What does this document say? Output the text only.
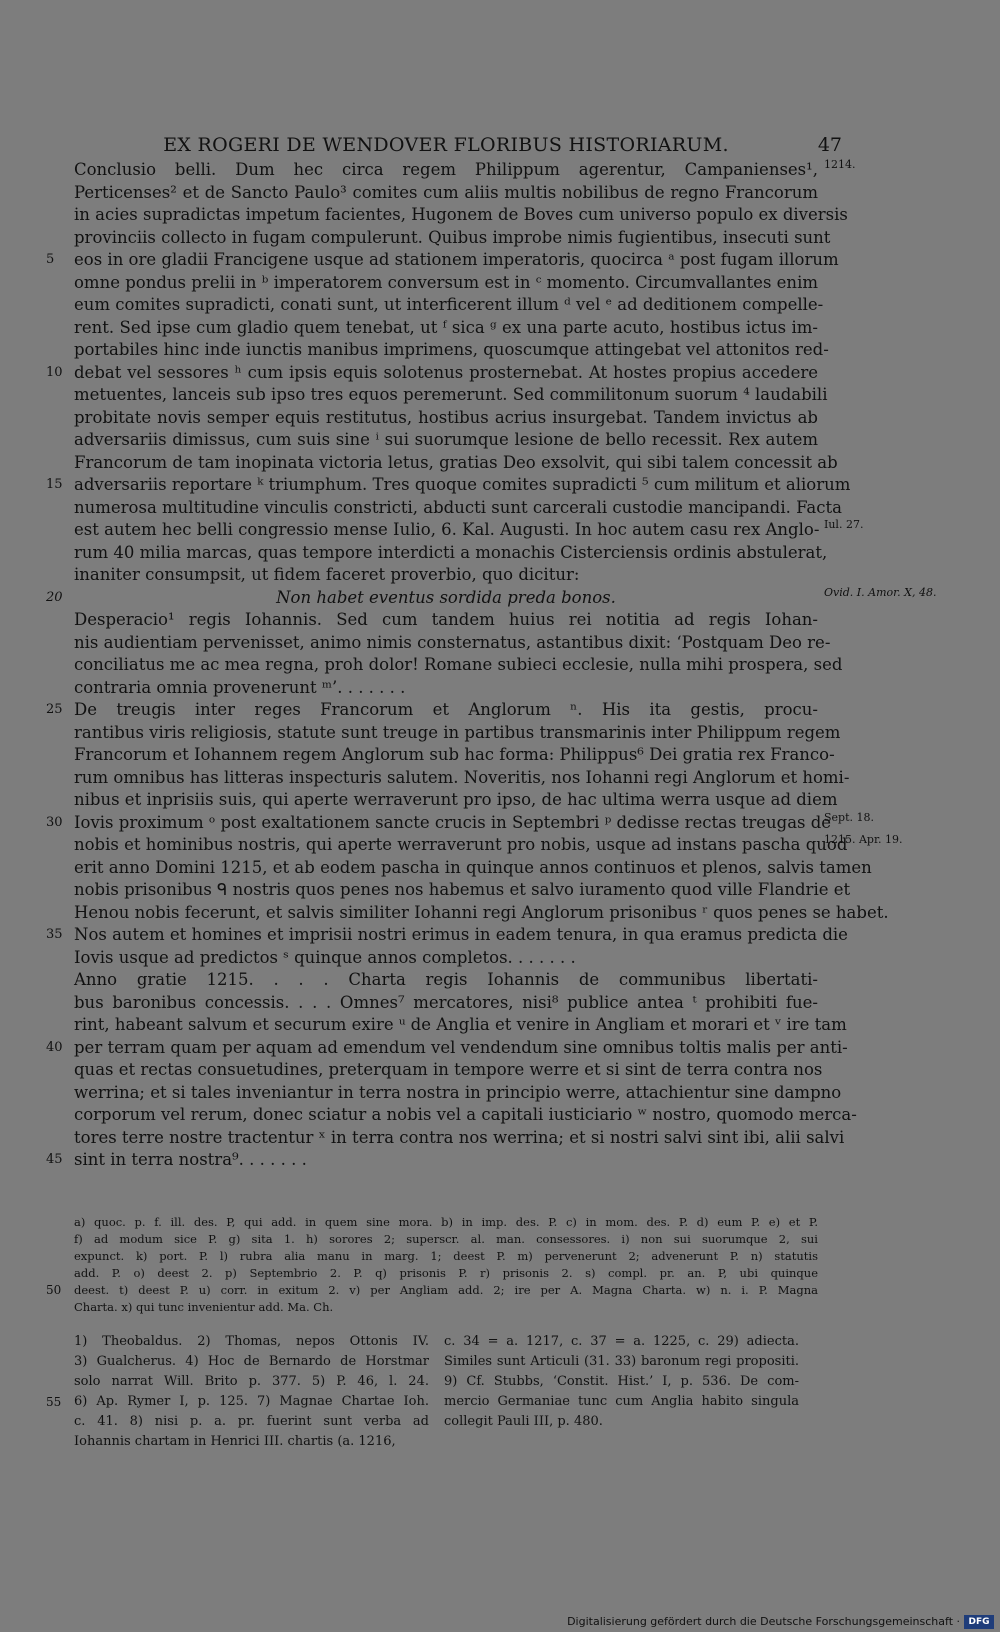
EX ROGERI DE WENDOVER FLORIBUS HISTORIARUM.	47
Conclusio belli. Dum hec circa regem Philippum agerentur, Campanienses¹, 1214.
Perticenses² et de Sancto Paulo³ comites cum aliis multis nobilibus de regno Francorum
in acies supradictas impetum facientes, Hugonem de Boves cum universo populo ex diversis
provinciis collecto in fugam compulerunt. Quibus improbe nimis fugientibus, insecuti sunt
eos in ore gladii Francigene usque ad stationem imperatoris, quocirca ᵃ post fugam illorum
5
omne pondus prelii in ᵇ imperatorem conversum est in ᶜ momento. Circumvallantes enim
eum comites supradicti, conati sunt, ut interficerent illum ᵈ vel ᵉ ad deditionem compelle-
rent. Sed ipse cum gladio quem tenebat, ut ᶠ sica ᵍ ex una parte acuto, hostibus ictus im-
portabiles hinc inde iunctis manibus imprimens, quoscumque attingebat vel attonitos red-
debat vel sessores ʰ cum ipsis equis solotenus prosternebat. At hostes propius accedere
10
metuentes, lanceis sub ipso tres equos peremerunt. Sed commilitonum suorum ⁴ laudabili
probitate novis semper equis restitutus, hostibus acrius insurgebat. Tandem invictus ab
adversariis dimissus, cum suis sine ⁱ sui suorumque lesione de bello recessit. Rex autem
Francorum de tam inopinata victoria letus, gratias Deo exsolvit, qui sibi talem concessit ab
adversariis reportare ᵏ triumphum. Tres quoque comites supradicti ⁵ cum militum et aliorum
15
numerosa multitudine vinculis constricti, abducti sunt carcerali custodie mancipandi. Facta
est autem hec belli congressio mense Iulio, 6. Kal. Augusti. In hoc autem casu rex Anglo- Iul. 27.
rum 40 milia marcas, quas tempore interdicti a monachis Cisterciensis ordinis abstulerat,
inaniter consumpsit, ut fidem faceret proverbio, quo dicitur:
Non habet eventus sordida preda bonos.
20	Ovid. I. Amor. X, 48.
Desperacio¹ regis Iohannis. Sed cum tandem huius rei notitia ad regis Iohan-
nis audientiam pervenisset, animo nimis consternatus, astantibus dixit: ‘Postquam Deo re-
conciliatus me ac mea regna, proh dolor! Romane subieci ecclesie, nulla mihi prospera, sed
contraria omnia provenerunt ᵐ’. . . . . . .
De treugis inter reges Francorum et Anglorum ⁿ. His ita gestis, procu-
25
rantibus viris religiosis, statute sunt treuge in partibus transmarinis inter Philippum regem
Francorum et Iohannem regem Anglorum sub hac forma: Philippus⁶ Dei gratia rex Franco-
rum omnibus has litteras inspecturis salutem. Noveritis, nos Iohanni regi Anglorum et homi-
nibus et inprisiis suis, qui aperte werraverunt pro ipso, de hac ultima werra usque ad diem
Iovis proximum ᵒ post exaltationem sancte crucis in Septembri ᵖ dedisse rectas treugas de
30	Sept. 18.
nobis et hominibus nostris, qui aperte werraverunt pro nobis, usque ad instans pascha quod
1215. Apr. 19.
erit anno Domini 1215, et ab eodem pascha in quinque annos continuos et plenos, salvis tamen
nobis prisonibus ᑫ nostris quos penes nos habemus et salvo iuramento quod ville Flandrie et
Henou nobis fecerunt, et salvis similiter Iohanni regi Anglorum prisonibus ʳ quos penes se habet.
Nos autem et homines et imprisii nostri erimus in eadem tenura, in qua eramus predicta die
35
Iovis usque ad predictos ˢ quinque annos completos. . . . . . .
Anno gratie 1215. . . . Charta regis Iohannis de communibus libertati-
bus baronibus concessis. . . . Omnes⁷ mercatores, nisi⁸ publice antea ᵗ prohibiti fue-
rint, habeant salvum et securum exire ᵘ de Anglia et venire in Angliam et morari et ᵛ ire tam
per terram quam per aquam ad emendum vel vendendum sine omnibus toltis malis per anti-
40
quas et rectas consuetudines, preterquam in tempore werre et si sint de terra contra nos
werrina; et si tales inveniantur in terra nostra in principio werre, attachientur sine dampno
corporum vel rerum, donec sciatur a nobis vel a capitali iusticiario ʷ nostro, quomodo merca-
tores terre nostre tractentur ˣ in terra contra nos werrina; et si nostri salvi sint ibi, alii salvi
sint in terra nostra⁹. . . . . . .
45
a) quoc. p. f. ill. des. P, qui add. in quem sine mora. b) in imp. des. P. c) in mom. des. P. d) eum P. e) et P.
f) ad modum sice P. g) sita 1. h) sorores 2; superscr. al. man. consessores. i) non sui suorumque 2, sui
expunct. k) port. P. l) rubra alia manu in marg. 1; deest P. m) pervenerunt 2; advenerunt P. n) statutis
add. P. o) deest 2. p) Septembrio 2. P. q) prisonis P. r) prisonis 2. s) compl. pr. an. P, ubi quinque
deest. t) deest P. u) corr. in exitum 2. v) per Angliam add. 2; ire per A. Magna Charta. w) n. i. P. Magna
50
Charta. x) qui tunc invenientur add. Ma. Ch.
1) Theobaldus. 2) Thomas, nepos Ottonis IV.
3) Gualcherus. 4) Hoc de Bernardo de Horstmar
solo narrat Will. Brito p. 377. 5) P. 46, l. 24.
6) Ap. Rymer I, p. 125. 7) Magnae Chartae Ioh.
55
c. 41. 8) nisi p. a. pr. fuerint sunt verba ad
Iohannis chartam in Henrici III. chartis (a. 1216,
c. 34 = a. 1217, c. 37 = a. 1225, c. 29) adiecta.
Similes sunt Articuli (31. 33) baronum regi propositi.
9) Cf. Stubbs, ‘Constit. Hist.’ I, p. 536. De com-
mercio Germaniae tunc cum Anglia habito singula
collegit Pauli III, p. 480.
Digitalisierung gefördert durch die Deutsche Forschungsgemeinschaft · DFG
